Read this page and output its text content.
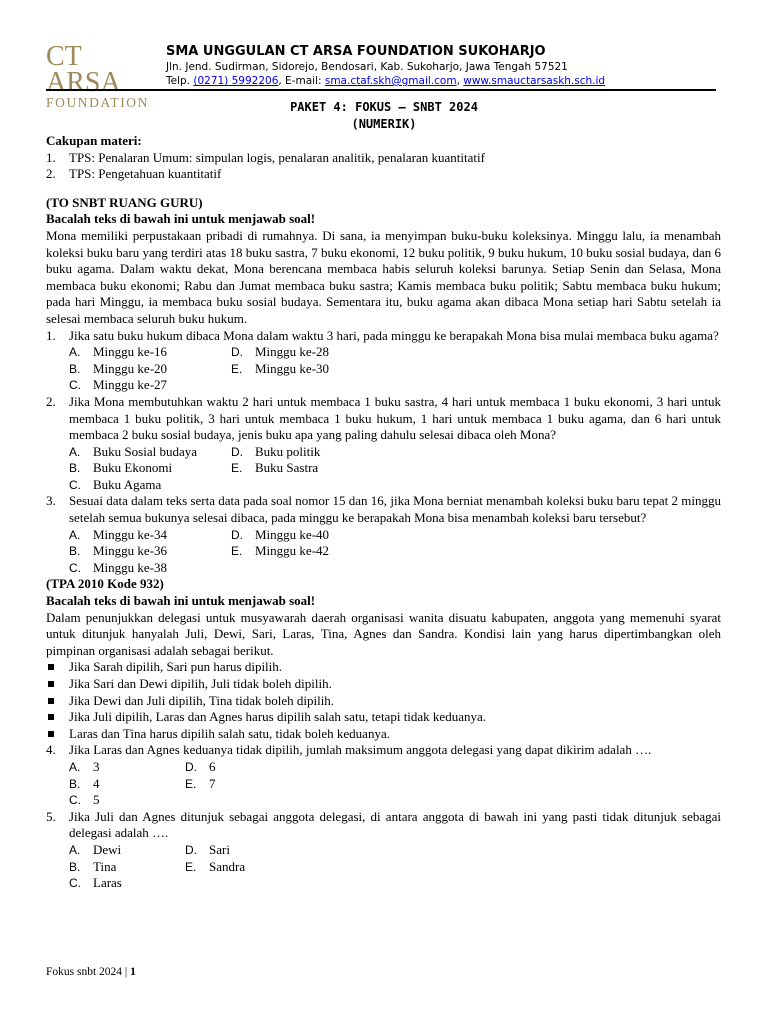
CT ARSA
FOUNDATION
SMA UNGGULAN CT ARSA FOUNDATION SUKOHARJO
Jln. Jend. Sudirman, Sidorejo, Bendosari, Kab. Sukoharjo, Jawa Tengah 57521
Telp. (0271) 5992206, E-mail: sma.ctaf.skh@gmail.com, www.smauctarsaskh.sch.id
PAKET 4: FOKUS – SNBT 2024
(NUMERIK)
Cakupan materi:
1. TPS: Penalaran Umum: simpulan logis, penalaran analitik, penalaran kuantitatif
2. TPS: Pengetahuan kuantitatif
(TO SNBT RUANG GURU)
Bacalah teks di bawah ini untuk menjawab soal!
Mona memiliki perpustakaan pribadi di rumahnya. Di sana, ia menyimpan buku-buku koleksinya. Minggu lalu, ia menambah koleksi buku baru yang terdiri atas 18 buku sastra, 7 buku ekonomi, 12 buku politik, 9 buku hukum, 10 buku sosial budaya, dan 6 buku agama. Dalam waktu dekat, Mona berencana membaca habis seluruh koleksi barunya. Setiap Senin dan Selasa, Mona membaca buku ekonomi; Rabu dan Jumat membaca buku sastra; Kamis membaca buku politik; Sabtu membaca buku hukum; pada hari Minggu, ia membaca buku sosial budaya. Sementara itu, buku agama akan dibaca Mona setiap hari Sabtu setelah ia selesai membaca seluruh buku hukum.
1. Jika satu buku hukum dibaca Mona dalam waktu 3 hari, pada minggu ke berapakah Mona bisa mulai membaca buku agama?
A. Minggu ke-16	D. Minggu ke-28
B. Minggu ke-20	E. Minggu ke-30
C. Minggu ke-27
2. Jika Mona membutuhkan waktu 2 hari untuk membaca 1 buku sastra, 4 hari untuk membaca 1 buku ekonomi, 3 hari untuk membaca 1 buku politik, 3 hari untuk membaca 1 buku hukum, 1 hari untuk membaca 1 buku agama, dan 6 hari untuk membaca 2 buku sosial budaya, jenis buku apa yang paling dahulu selesai dibaca oleh Mona?
A. Buku Sosial budaya	D. Buku politik
B. Buku Ekonomi	E. Buku Sastra
C. Buku Agama
3. Sesuai data dalam teks serta data pada soal nomor 15 dan 16, jika Mona berniat menambah koleksi buku baru tepat 2 minggu setelah semua bukunya selesai dibaca, pada minggu ke berapakah Mona bisa menambah koleksi baru tersebut?
A. Minggu ke-34	D. Minggu ke-40
B. Minggu ke-36	E. Minggu ke-42
C. Minggu ke-38
(TPA 2010 Kode 932)
Bacalah teks di bawah ini untuk menjawab soal!
Dalam penunjukkan delegasi untuk musyawarah daerah organisasi wanita disuatu kabupaten, anggota yang memenuhi syarat untuk ditunjuk hanyalah Juli, Dewi, Sari, Laras, Tina, Agnes dan Sandra. Kondisi lain yang harus dipertimbangkan oleh pimpinan organisasi adalah sebagai berikut.
Jika Sarah dipilih, Sari pun harus dipilih.
Jika Sari dan Dewi dipilih, Juli tidak boleh dipilih.
Jika Dewi dan Juli dipilih, Tina tidak boleh dipilih.
Jika Juli dipilih, Laras dan Agnes harus dipilih salah satu, tetapi tidak keduanya.
Laras dan Tina harus dipilih salah satu, tidak boleh keduanya.
4. Jika Laras dan Agnes keduanya tidak dipilih, jumlah maksimum anggota delegasi yang dapat dikirim adalah ….
A. 3	D. 6
B. 4	E. 7
C. 5
5. Jika Juli dan Agnes ditunjuk sebagai anggota delegasi, di antara anggota di bawah ini yang pasti tidak ditunjuk sebagai delegasi adalah ….
A. Dewi	D. Sari
B. Tina	E. Sandra
C. Laras
Fokus snbt 2024 | 1
